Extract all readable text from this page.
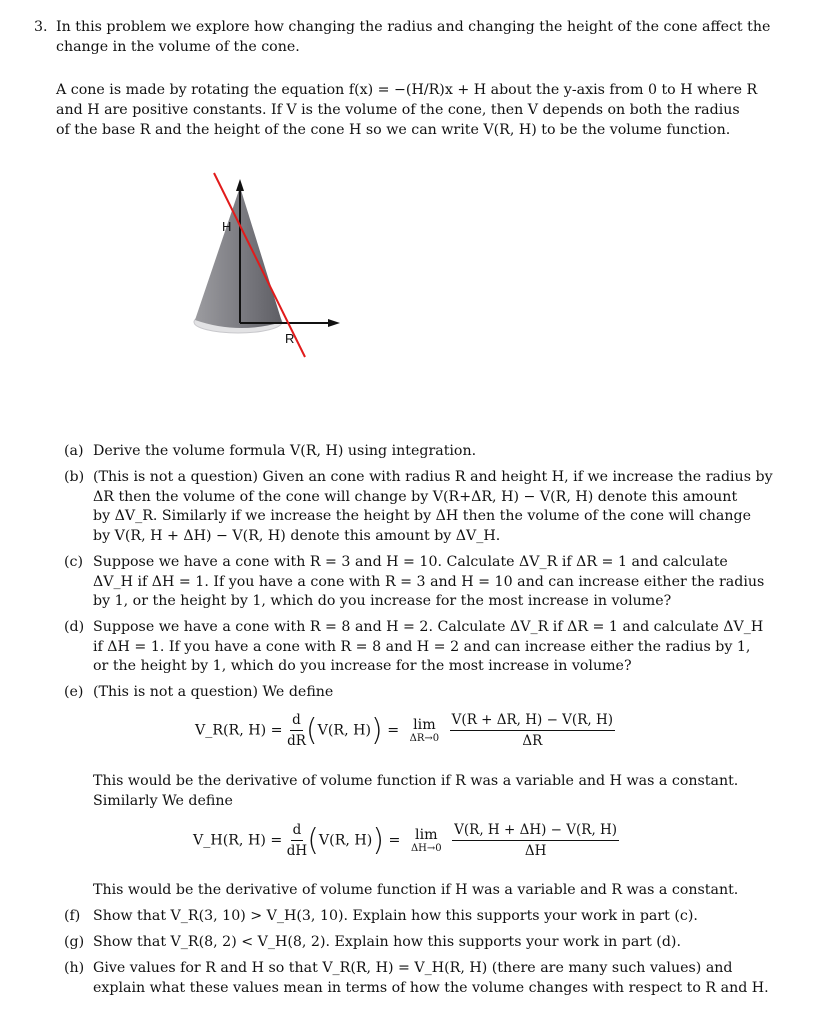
3. In this problem we explore how changing the radius and changing the height of the cone affect the
change in the volume of the cone.
A cone is made by rotating the equation f(x) = −(H/R)x + H about the y-axis from 0 to H where R
and H are positive constants. If V is the volume of the cone, then V depends on both the radius
of the base R and the height of the cone H so we can write V(R, H) to be the volume function.
H
R
(a) Derive the volume formula V(R, H) using integration.
(b) (This is not a question) Given an cone with radius R and height H, if we increase the radius by
ΔR then the volume of the cone will change by V(R+ΔR, H) − V(R, H) denote this amount
by ΔV_R. Similarly if we increase the height by ΔH then the volume of the cone will change
by V(R, H + ΔH) − V(R, H) denote this amount by ΔV_H.
(c) Suppose we have a cone with R = 3 and H = 10. Calculate ΔV_R if ΔR = 1 and calculate
ΔV_H if ΔH = 1. If you have a cone with R = 3 and H = 10 and can increase either the radius
by 1, or the height by 1, which do you increase for the most increase in volume?
(d) Suppose we have a cone with R = 8 and H = 2. Calculate ΔV_R if ΔR = 1 and calculate ΔV_H
if ΔH = 1. If you have a cone with R = 8 and H = 2 and can increase either the radius by 1,
or the height by 1, which do you increase for the most increase in volume?
(e) (This is not a question) We define
V_R(R, $H) = \frac{d}{dR} (V(R$, H)) = lim
ΔR→0
$\frac{V(R + \Delta R, H) - V(R, H)}{\Delta R}$
This would be the derivative of volume function if R was a variable and H was a constant.
Similarly We define
V_H(R, $H) = \frac{d}{dH} (V(R$, H)) = lim
ΔH→0
$\frac{V(R, H + \Delta H) - V(R, H)}{\Delta H}$
This would be the derivative of volume function if H was a variable and R was a constant.
(f) Show that V_R(3, 10) > V_H(3, 10). Explain how this supports your work in part (c).
(g) Show that V_R(8, 2) < V_H(8, 2). Explain how this supports your work in part (d).
(h) Give values for R and H so that V_R(R, H) = V_H(R, H) (there are many such values) and
explain what these values mean in terms of how the volume changes with respect to R and H.
